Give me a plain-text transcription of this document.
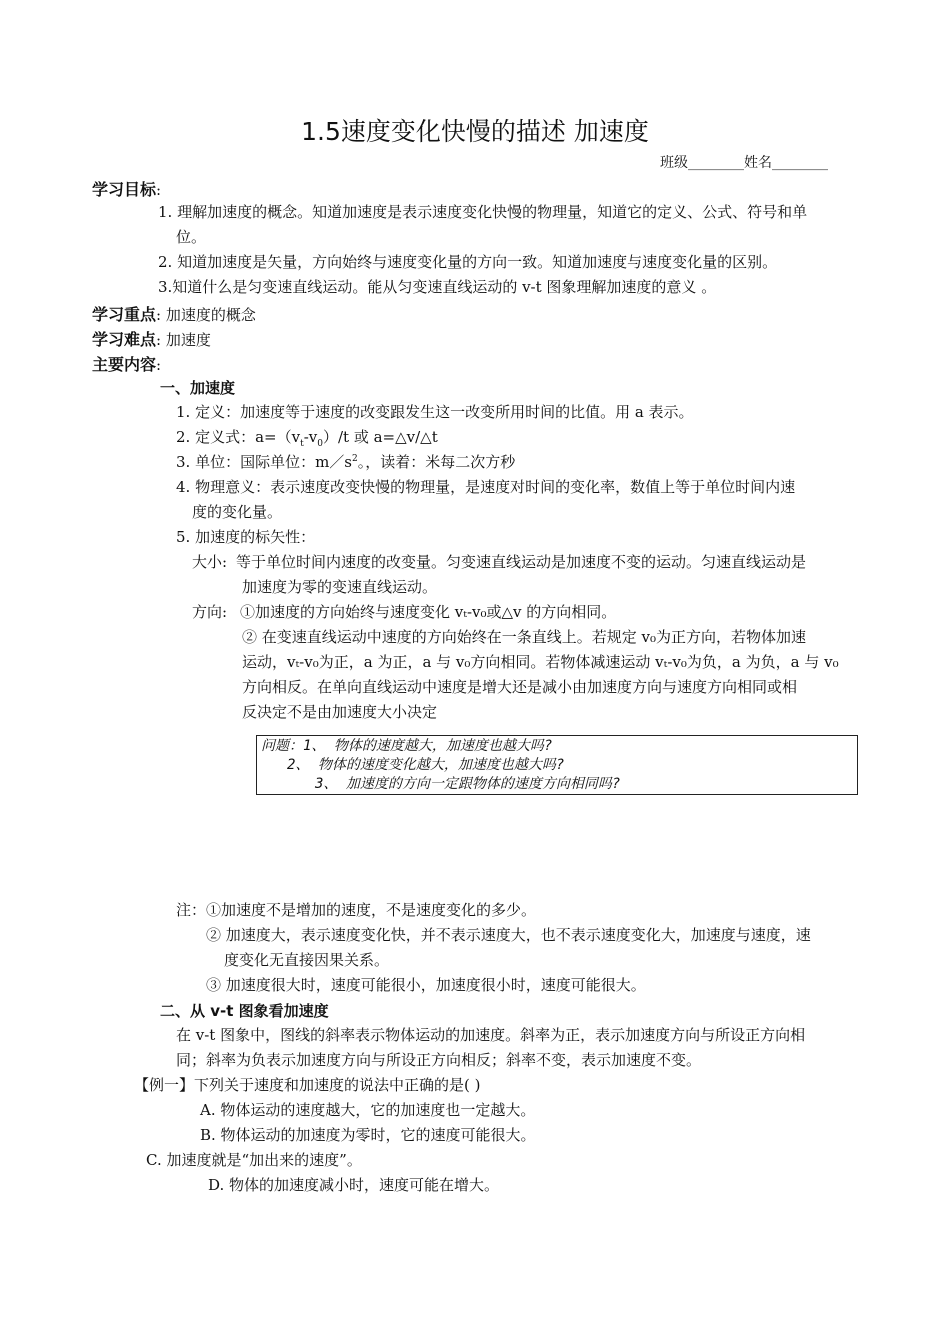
1.5速度变化快慢的描述 加速度
班级________姓名________
学习目标:
1. 理解加速度的概念。知道加速度是表示速度变化快慢的物理量，知道它的定义、公式、符号和单
位。
2. 知道加速度是矢量，方向始终与速度变化量的方向一致。知道加速度与速度变化量的区别。
3.知道什么是匀变速直线运动。能从匀变速直线运动的 v-t 图象理解加速度的意义 。
学习重点: 加速度的概念
学习难点: 加速度
主要内容:
一、加速度
1. 定义：加速度等于速度的改变跟发生这一改变所用时间的比值。用 a 表示。
2. 定义式：$a=(v_t-v_0)/t$ 或 a=△v/△t
3. 单位：国际单位：$m/s^2$。，读着：米每二次方秒
4. 物理意义：表示速度改变快慢的物理量，是速度对时间的变化率，数值上等于单位时间内速
度的变化量。
5. 加速度的标矢性：
大小: 等于单位时间内速度的改变量。匀变速直线运动是加速度不变的运动。匀速直线运动是
加速度为零的变速直线运动。
方向: ①加速度的方向始终与速度变化 vₜ-v₀或△v 的方向相同。
② 在变速直线运动中速度的方向始终在一条直线上。若规定 v₀为正方向，若物体加速
运动，vₜ-v₀为正，a 为正，a 与 v₀方向相同。若物体减速运动 vₜ-v₀为负，a 为负，a 与 v₀
方向相反。在单向直线运动中速度是增大还是减小由加速度方向与速度方向相同或相
反决定不是由加速度大小决定
问题：1、 物体的速度越大，加速度也越大吗?
2、 物体的速度变化越大，加速度也越大吗?
3、 加速度的方向一定跟物体的速度方向相同吗?
注：①加速度不是增加的速度，不是速度变化的多少。
② 加速度大，表示速度变化快，并不表示速度大，也不表示速度变化大，加速度与速度，速
度变化无直接因果关系。
③ 加速度很大时，速度可能很小，加速度很小时，速度可能很大。
二、从 v-t 图象看加速度
在 v-t 图象中，图线的斜率表示物体运动的加速度。斜率为正，表示加速度方向与所设正方向相
同；斜率为负表示加速度方向与所设正方向相反；斜率不变，表示加速度不变。
【例一】下列关于速度和加速度的说法中正确的是( )
A. 物体运动的速度越大，它的加速度也一定越大。
B. 物体运动的加速度为零时，它的速度可能很大。
C. 加速度就是“加出来的速度”。
D. 物体的加速度减小时，速度可能在增大。
